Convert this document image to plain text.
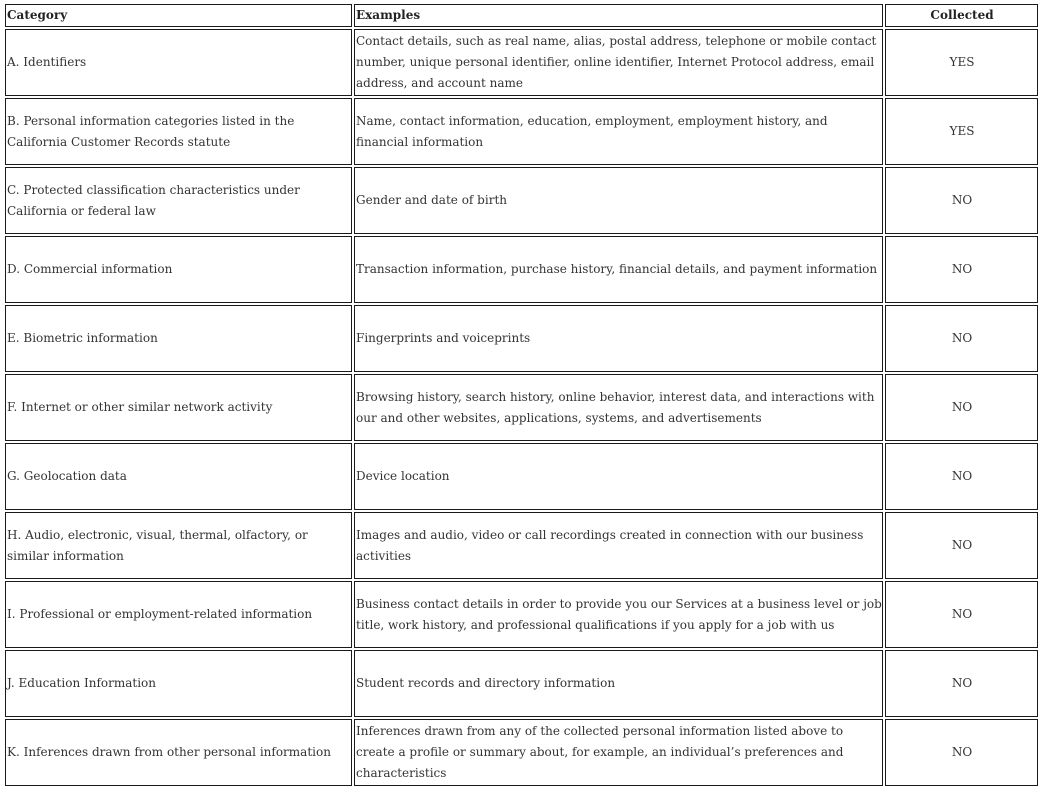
Category	Examples	Collected
A. Identifiers	Contact details, such as real name, alias, postal address, telephone or mobile contact number, unique personal identifier, online identifier, Internet Protocol address, email address, and account name	YES
B. Personal information categories listed in the California Customer Records statute	Name, contact information, education, employment, employment history, and financial information	YES
C. Protected classification characteristics under California or federal law	Gender and date of birth	NO
D. Commercial information	Transaction information, purchase history, financial details, and payment information	NO
E. Biometric information	Fingerprints and voiceprints	NO
F. Internet or other similar network activity	Browsing history, search history, online behavior, interest data, and interactions with our and other websites, applications, systems, and advertisements	NO
G. Geolocation data	Device location	NO
H. Audio, electronic, visual, thermal, olfactory, or similar information	Images and audio, video or call recordings created in connection with our business activities	NO
I. Professional or employment-related information	Business contact details in order to provide you our Services at a business level or job title, work history, and professional qualifications if you apply for a job with us	NO
J. Education Information	Student records and directory information	NO
K. Inferences drawn from other personal information	Inferences drawn from any of the collected personal information listed above to create a profile or summary about, for example, an individual’s preferences and characteristics	NO
